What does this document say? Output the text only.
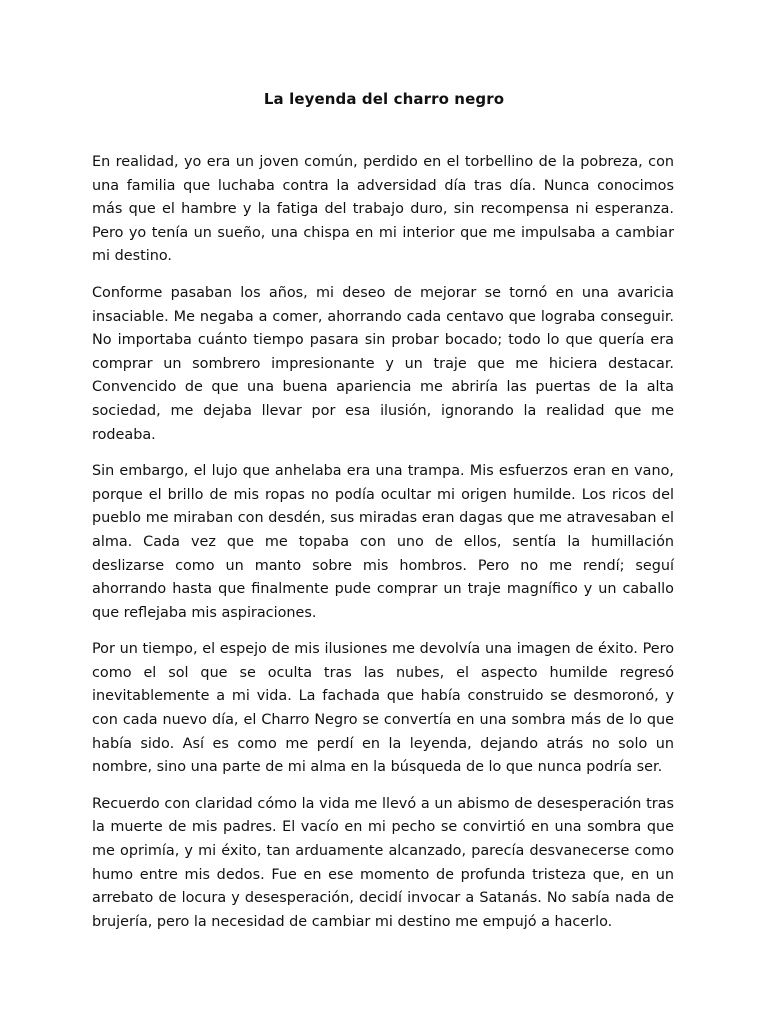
La leyenda del charro negro

En realidad, yo era un joven común, perdido en el torbellino de la pobreza, con una familia que luchaba contra la adversidad día tras día. Nunca conocimos más que el hambre y la fatiga del trabajo duro, sin recompensa ni esperanza. Pero yo tenía un sueño, una chispa en mi interior que me impulsaba a cambiar mi destino.

Conforme pasaban los años, mi deseo de mejorar se tornó en una avaricia insaciable. Me negaba a comer, ahorrando cada centavo que lograba conseguir. No importaba cuánto tiempo pasara sin probar bocado; todo lo que quería era comprar un sombrero impresionante y un traje que me hiciera destacar. Convencido de que una buena apariencia me abriría las puertas de la alta sociedad, me dejaba llevar por esa ilusión, ignorando la realidad que me rodeaba.

Sin embargo, el lujo que anhelaba era una trampa. Mis esfuerzos eran en vano, porque el brillo de mis ropas no podía ocultar mi origen humilde. Los ricos del pueblo me miraban con desdén, sus miradas eran dagas que me atravesaban el alma. Cada vez que me topaba con uno de ellos, sentía la humillación deslizarse como un manto sobre mis hombros. Pero no me rendí; seguí ahorrando hasta que finalmente pude comprar un traje magnífico y un caballo que reflejaba mis aspiraciones.

Por un tiempo, el espejo de mis ilusiones me devolvía una imagen de éxito. Pero como el sol que se oculta tras las nubes, el aspecto humilde regresó inevitablemente a mi vida. La fachada que había construido se desmoronó, y con cada nuevo día, el Charro Negro se convertía en una sombra más de lo que había sido. Así es como me perdí en la leyenda, dejando atrás no solo un nombre, sino una parte de mi alma en la búsqueda de lo que nunca podría ser.

Recuerdo con claridad cómo la vida me llevó a un abismo de desesperación tras la muerte de mis padres. El vacío en mi pecho se convirtió en una sombra que me oprimía, y mi éxito, tan arduamente alcanzado, parecía desvanecerse como humo entre mis dedos. Fue en ese momento de profunda tristeza que, en un arrebato de locura y desesperación, decidí invocar a Satanás. No sabía nada de brujería, pero la necesidad de cambiar mi destino me empujó a hacerlo.
